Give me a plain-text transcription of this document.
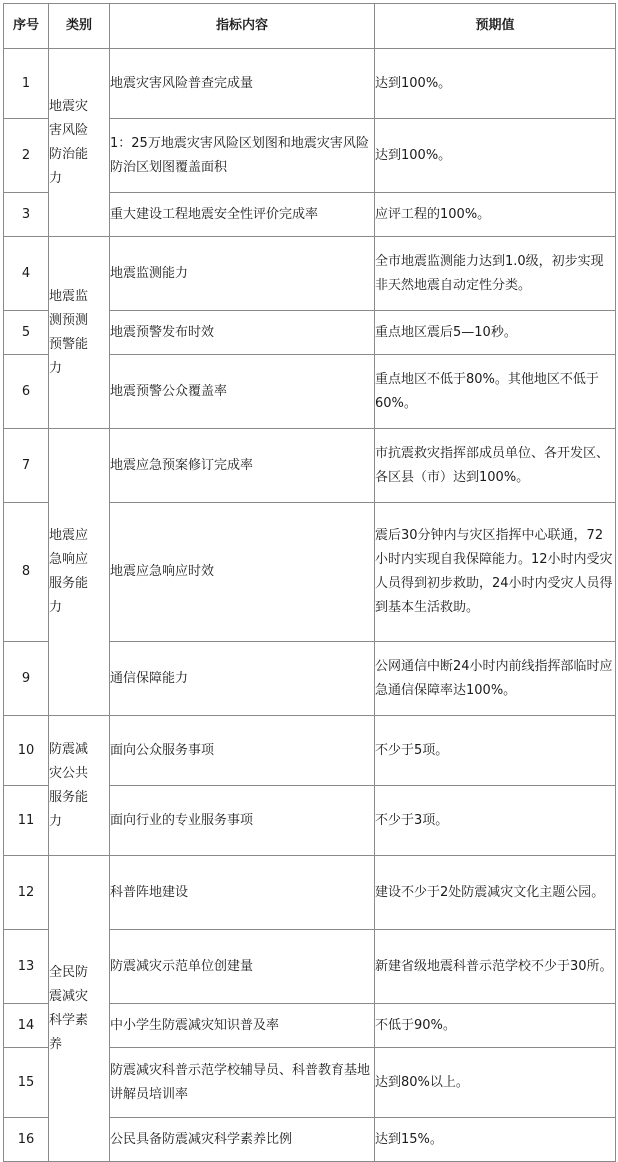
序号	类别	指标内容	预期值
1	地震灾害风险防治能力	地震灾害风险普查完成量	达到100%。
2		1：25万地震灾害风险区划图和地震灾害风险防治区划图覆盖面积	达到100%。
3		重大建设工程地震安全性评价完成率	应评工程的100%。
4	地震监测预测预警能力	地震监测能力	全市地震监测能力达到1.0级，初步实现非天然地震自动定性分类。
5		地震预警发布时效	重点地区震后5—10秒。
6		地震预警公众覆盖率	重点地区不低于80%。其他地区不低于60%。
7	地震应急响应服务能力	地震应急预案修订完成率	市抗震救灾指挥部成员单位、各开发区、各区县（市）达到100%。
8		地震应急响应时效	震后30分钟内与灾区指挥中心联通，72小时内实现自我保障能力。12小时内受灾人员得到初步救助，24小时内受灾人员得到基本生活救助。
9		通信保障能力	公网通信中断24小时内前线指挥部临时应急通信保障率达100%。
10	防震减灾公共服务能力	面向公众服务事项	不少于5项。
11		面向行业的专业服务事项	不少于3项。
12	全民防震减灾科学素养	科普阵地建设	建设不少于2处防震减灾文化主题公园。
13		防震减灾示范单位创建量	新建省级地震科普示范学校不少于30所。
14		中小学生防震减灾知识普及率	不低于90%。
15		防震减灾科普示范学校辅导员、科普教育基地讲解员培训率	达到80%以上。
16		公民具备防震减灾科学素养比例	达到15%。
